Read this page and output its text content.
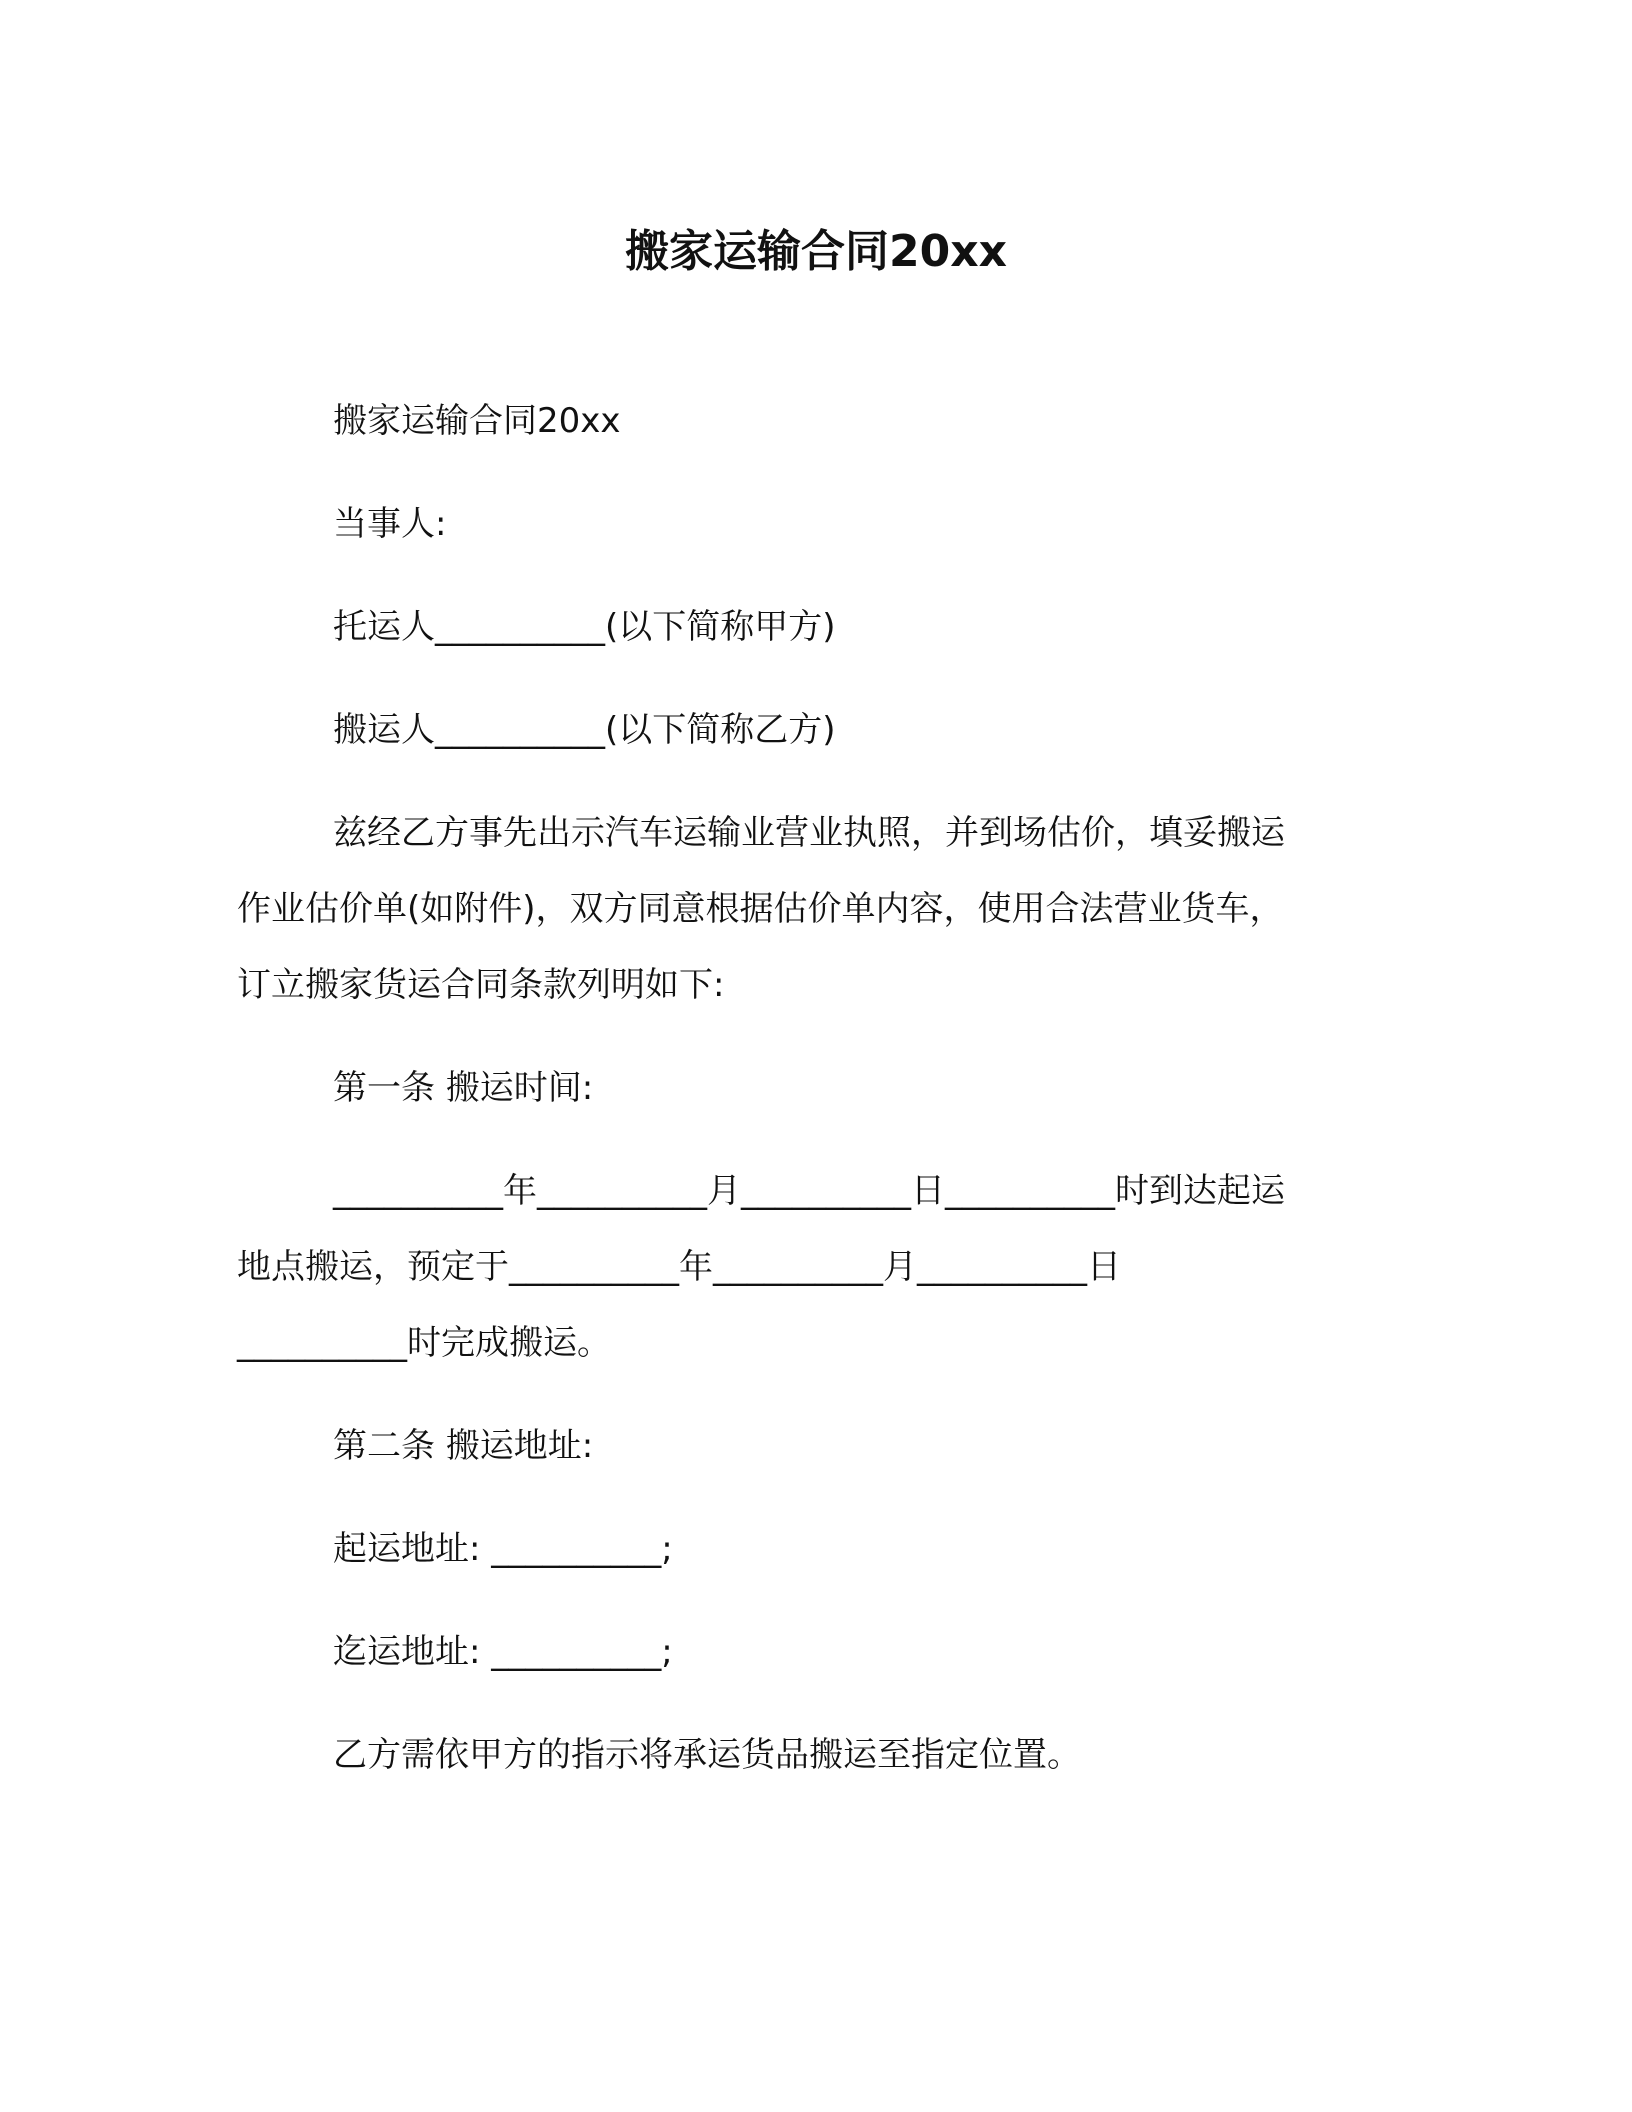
搬家运输合同20xx
搬家运输合同20xx
当事人:
托运人__________(以下简称甲方)
搬运人__________(以下简称乙方)
兹经乙方事先出示汽车运输业营业执照，并到场估价，填妥搬运
作业估价单(如附件)，双方同意根据估价单内容，使用合法营业货车，
订立搬家货运合同条款列明如下:
第一条 搬运时间:
__________年__________月__________日__________时到达起运
地点搬运，预定于__________年__________月__________日
__________时完成搬运。
第二条 搬运地址:
起运地址: __________;
迄运地址: __________;
乙方需依甲方的指示将承运货品搬运至指定位置。
